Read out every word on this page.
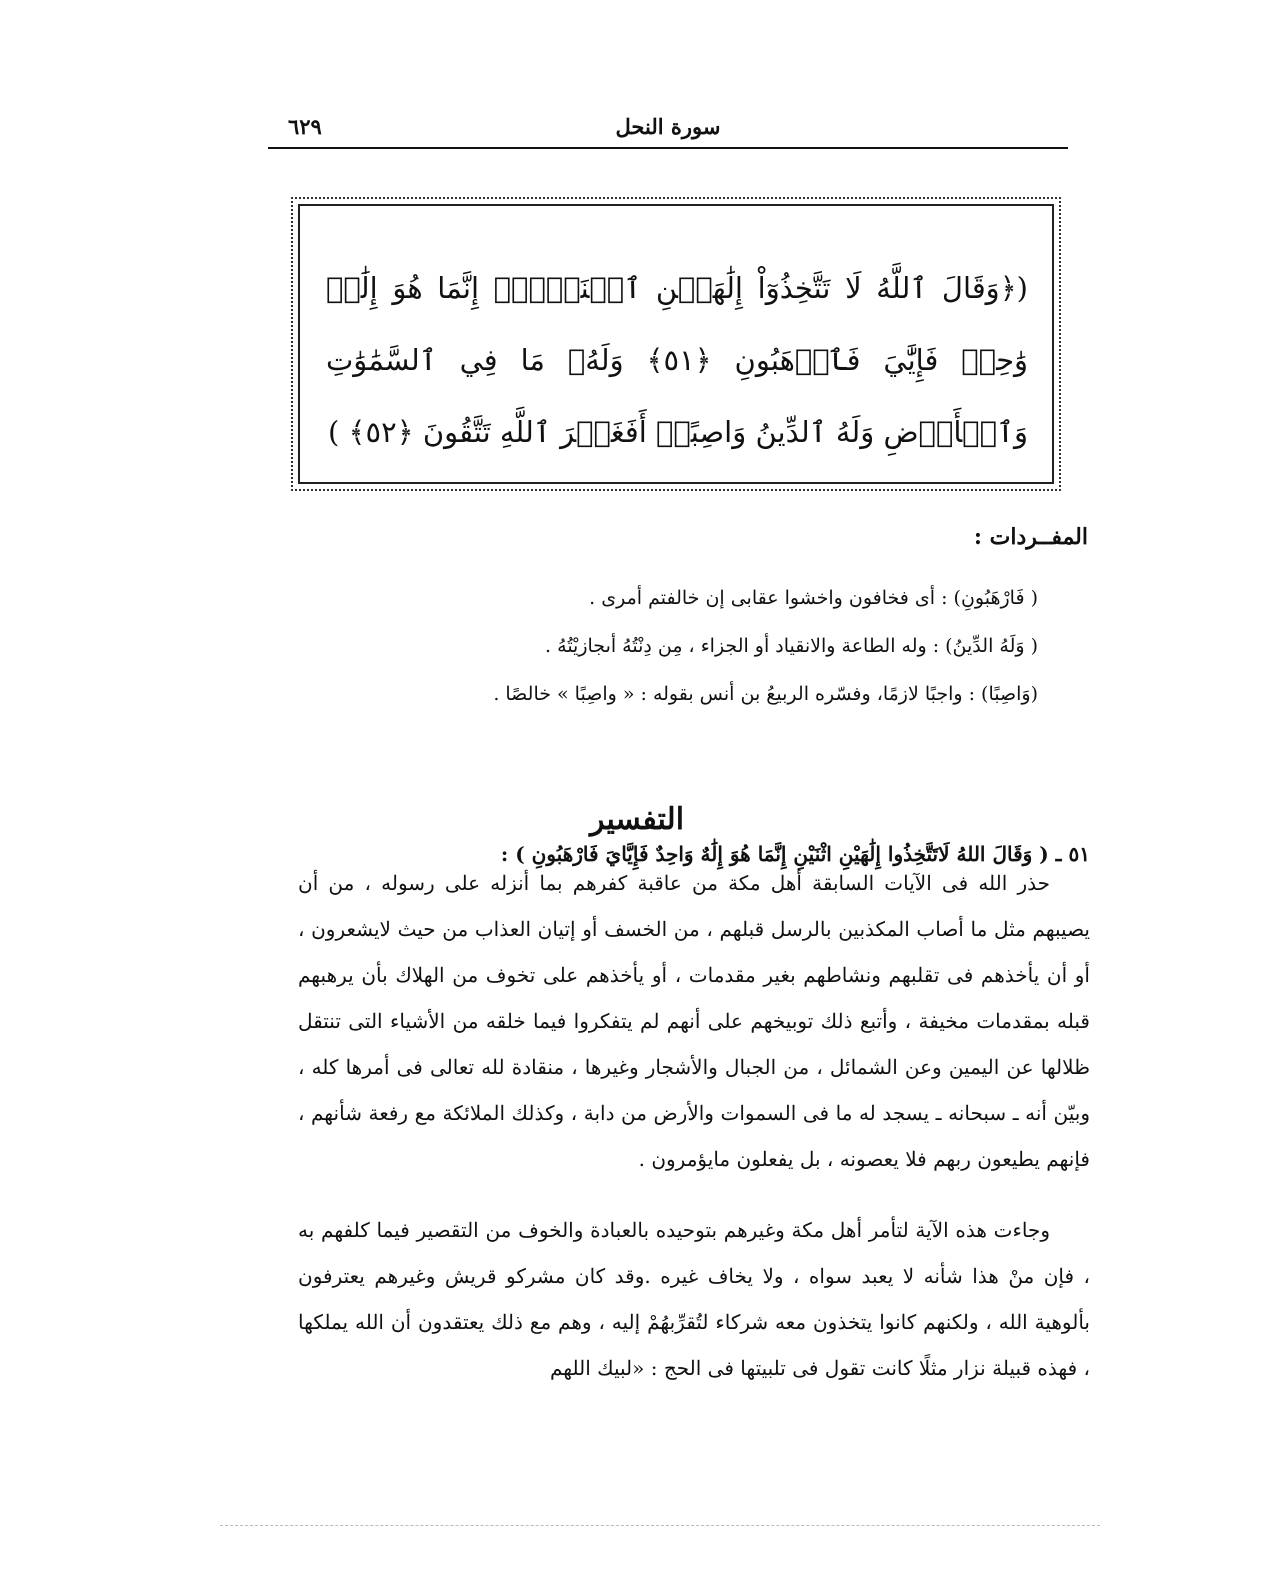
سورة النحل
٦٢٩
(﴿وَقَالَ ٱللَّهُ لَا تَتَّخِذُوٓاْ إِلَٰهَيۡنِ ٱثۡنَيۡنِۖ إِنَّمَا هُوَ إِلَٰهٞ وَٰحِدٞ فَإِيَّٰيَ فَٱرۡهَبُونِ ﴿٥١﴾ وَلَهُۥ مَا فِي ٱلسَّمَٰوَٰتِ وَٱلۡأَرۡضِ وَلَهُ ٱلدِّينُ وَاصِبًاۚ أَفَغَيۡرَ ٱللَّهِ تَتَّقُونَ ﴿٥٢﴾ )
المفــردات :
( فَارْهَبُونِ) : أى فخافون واخشوا عقابى إن خالفتم أمرى .
( وَلَهُ الدِّينُ) : وله الطاعة والانقياد أو الجزاء ، مِن دِنْتُهُ أىجازيْتُهُ .
(وَاصِبًا) : واجبًا لازمًا، وفسّره الربيعُ بن أنس بقوله : « واصِبًا » خالصًا .
التفسير
٥١ ـ ( وَقَالَ اللهُ لَاتَتَّخِذُوا إِلَٰهَيْنِ اثْنَيْنِ إِنَّمَا هُوَ إِلَٰهٌ وَاحِدٌ فَإِيَّايَ فَارْهَبُونِ ) :
حذر الله فى الآيات السابقة أهل مكة من عاقبة كفرهم بما أنزله على رسوله ، من أن يصيبهم مثل ما أصاب المكذبين بالرسل قبلهم ، من الخسف أو إتيان العذاب من حيث لايشعرون ، أو أن يأخذهم فى تقلبهم ونشاطهم بغير مقدمات ، أو يأخذهم على تخوف من الهلاك بأن يرهبهم قبله بمقدمات مخيفة ، وأتبع ذلك توبيخهم على أنهم لم يتفكروا فيما خلقه من الأشياء التى تنتقل ظلالها عن اليمين وعن الشمائل ، من الجبال والأشجار وغيرها ، منقادة لله تعالى فى أمرها كله ، وبيّن أنه ـ سبحانه ـ يسجد له ما فى السموات والأرض من دابة ، وكذلك الملائكة مع رفعة شأنهم ، فإنهم يطيعون ربهم فلا يعصونه ، بل يفعلون مايؤمرون .
وجاءت هذه الآية لتأمر أهل مكة وغيرهم بتوحيده بالعبادة والخوف من التقصير فيما كلفهم به ، فإن منْ هذا شأنه لا يعبد سواه ، ولا يخاف غيره .وقد كان مشركو قريش وغيرهم يعترفون بألوهية الله ، ولكنهم كانوا يتخذون معه شركاء لتُقرِّبهُمْ إليه ، وهم مع ذلك يعتقدون أن الله يملكها ، فهذه قبيلة نزار مثلًا كانت تقول فى تلبيتها فى الحج : «لبيك اللهم
